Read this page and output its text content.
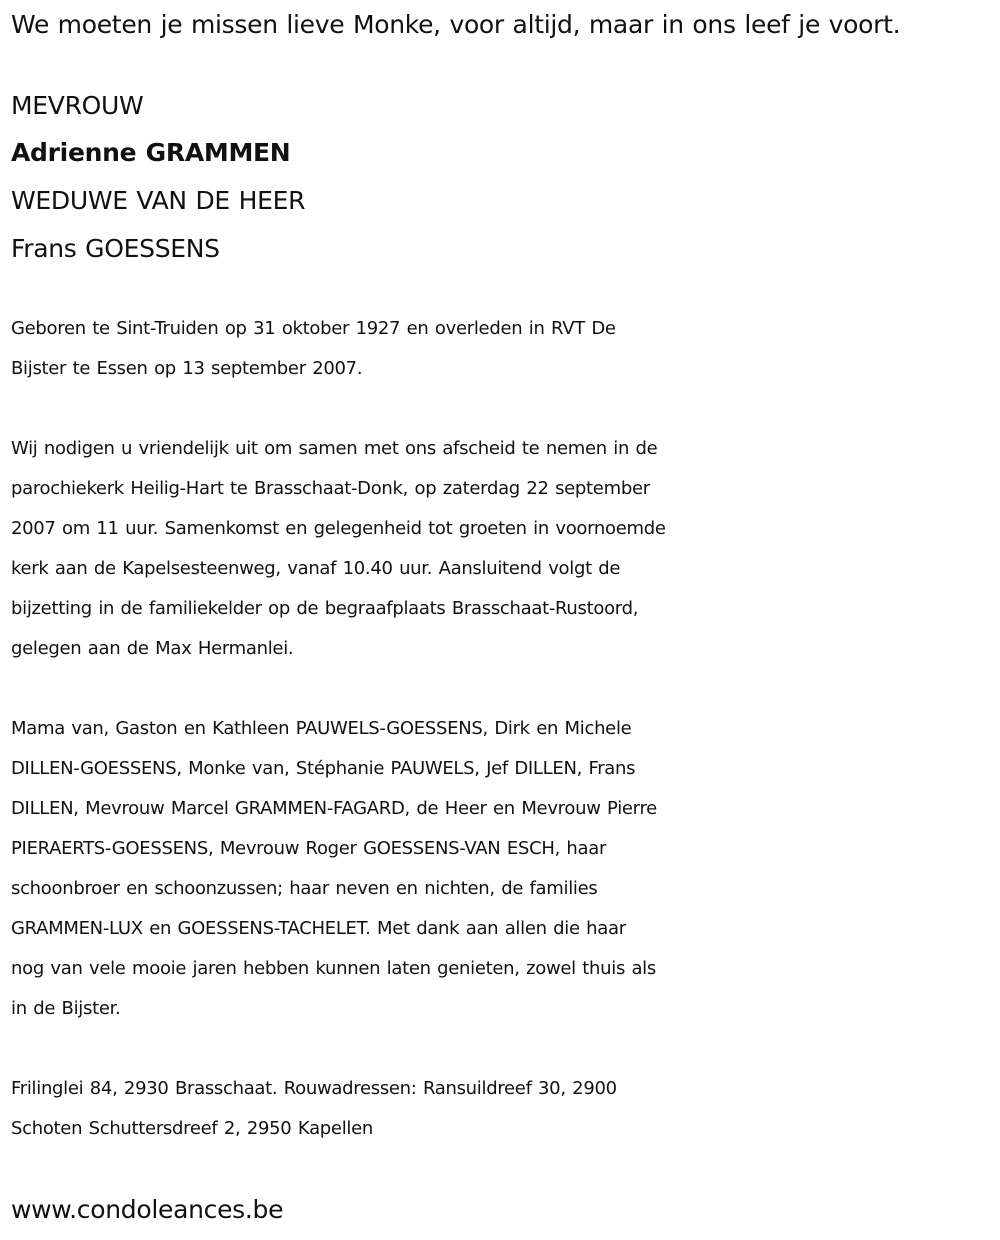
We moeten je missen lieve Monke, voor altijd, maar in ons leef je voort.
MEVROUW
Adrienne GRAMMEN
WEDUWE VAN DE HEER
Frans GOESSENS
Geboren te Sint-Truiden op 31 oktober 1927 en overleden in RVT De
Bijster te Essen op 13 september 2007.
Wij nodigen u vriendelijk uit om samen met ons afscheid te nemen in de
parochiekerk Heilig-Hart te Brasschaat-Donk, op zaterdag 22 september
2007 om 11 uur. Samenkomst en gelegenheid tot groeten in voornoemde
kerk aan de Kapelsesteenweg, vanaf 10.40 uur. Aansluitend volgt de
bijzetting in de familiekelder op de begraafplaats Brasschaat-Rustoord,
gelegen aan de Max Hermanlei.
Mama van, Gaston en Kathleen PAUWELS-GOESSENS, Dirk en Michele
DILLEN-GOESSENS, Monke van, Stéphanie PAUWELS, Jef DILLEN, Frans
DILLEN, Mevrouw Marcel GRAMMEN-FAGARD, de Heer en Mevrouw Pierre
PIERAERTS-GOESSENS, Mevrouw Roger GOESSENS-VAN ESCH, haar
schoonbroer en schoonzussen; haar neven en nichten, de families
GRAMMEN-LUX en GOESSENS-TACHELET. Met dank aan allen die haar
nog van vele mooie jaren hebben kunnen laten genieten, zowel thuis als
in de Bijster.
Frilinglei 84, 2930 Brasschaat. Rouwadressen: Ransuildreef 30, 2900
Schoten Schuttersdreef 2, 2950 Kapellen
www.condoleances.be
